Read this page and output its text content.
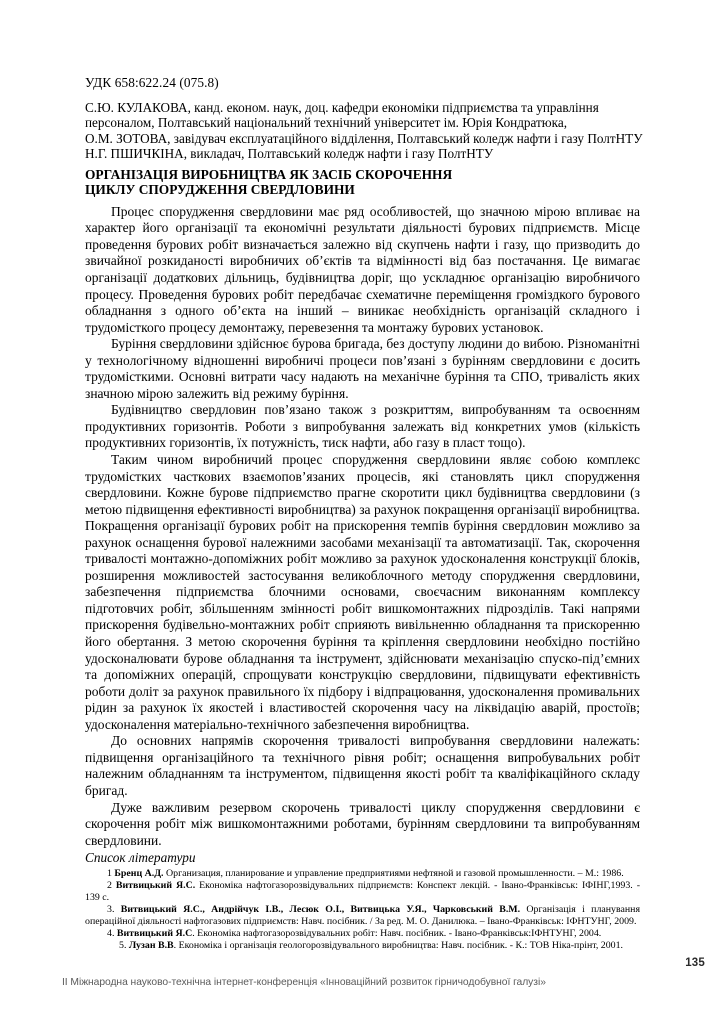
УДК 658:622.24 (075.8)

С.Ю. КУЛАКОВА, канд. економ. наук, доц. кафедри економіки підприємства та управління
персоналом, Полтавський національний технічний університет ім. Юрія Кондратюка,
О.М. ЗОТОВА, завідувач експлуатаційного відділення, Полтавський коледж нафти і газу ПолтНТУ
Н.Г. ПШИЧКІНА, викладач, Полтавський коледж нафти і газу ПолтНТУ
ОРГАНІЗАЦІЯ ВИРОБНИЦТВА ЯК ЗАСІБ СКОРОЧЕННЯ
ЦИКЛУ СПОРУДЖЕННЯ СВЕРДЛОВИНИ

Процес спорудження свердловини має ряд особливостей, що значною мірою впливає на характер його організації та економічні результати діяльності бурових підприємств. Місце проведення бурових робіт визначається залежно від скупчень нафти і газу, що призводить до звичайної розкиданості виробничих об’єктів та відмінності від баз постачання. Це вимагає організації додаткових дільниць, будівництва доріг, що ускладнює організацію виробничого процесу. Проведення бурових робіт передбачає схематичне переміщення громіздкого бурового обладнання з одного об’єкта на інший – виникає необхідність організацій складного і трудомісткого процесу демонтажу, перевезення та монтажу бурових установок.

Буріння свердловини здійснює бурова бригада, без доступу людини до вибою. Різноманітні у технологічному відношенні виробничі процеси пов’язані з бурінням свердловини є досить трудомісткими. Основні витрати часу надають на механічне буріння та СПО, тривалість яких значною мірою залежить від режиму буріння.

Будівництво свердловин пов’язано також з розкриттям, випробуванням та освоєнням продуктивних горизонтів. Роботи з випробування залежать від конкретних умов (кількість продуктивних горизонтів, їх потужність, тиск нафти, або газу в пласт тощо).

Таким чином виробничий процес спорудження свердловини являє собою комплекс трудомістких часткових взаємопов’язаних процесів, які становлять цикл спорудження свердловини. Кожне бурове підприємство прагне скоротити цикл будівництва свердловини (з метою підвищення ефективності виробництва) за рахунок покращення організації виробництва. Покращення організації бурових робіт на прискорення темпів буріння свердловин можливо за рахунок оснащення бурової належними засобами механізації та автоматизації. Так, скорочення тривалості монтажно-допоміжних робіт можливо за рахунок удосконалення конструкції блоків, розширення можливостей застосування великоблочного методу спорудження свердловини, забезпечення підприємства блочними основами, своєчасним виконанням комплексу підготовчих робіт, збільшенням змінності робіт вишкомонтажних підрозділів. Такі напрями прискорення будівельно-монтажних робіт сприяють вивільненню обладнання та прискоренню його обертання. З метою скорочення буріння та кріплення свердловини необхідно постійно удосконалювати бурове обладнання та інструмент, здійснювати механізацію спуско-під’ємних та допоміжних операцій, спрощувати конструкцію свердловини, підвищувати ефективність роботи доліт за рахунок правильного їх підбору і відпрацювання, удосконалення промивальних рідин за рахунок їх якостей і властивостей скорочення часу на ліквідацію аварій, простоїв; удосконалення матеріально-технічного забезпечення виробництва.

До основних напрямів скорочення тривалості випробування свердловини належать: підвищення організаційного та технічного рівня робіт; оснащення випробувальних робіт належним обладнанням та інструментом, підвищення якості робіт та кваліфікаційного складу бригад.

Дуже важливим резервом скорочень тривалості циклу спорудження свердловини є скорочення робіт між вишкомонтажними роботами, бурінням свердловини та випробуванням свердловини.

Список літератури

1 Бренц А.Д. Организация, планирование и управление предприятиями нефтяной и газовой промышленности. – М.: 1986.

2 Витвицький Я.С. Економіка нафтогазорозвідувальних підприємств: Конспект лекцій. - Івано-Франківськ: ІФІНГ,1993. - 139 с.

3. Витвицький Я.С., Андрійчук І.В., Лесюк О.І., Витвицька У.Я., Чарковський В.М. Організація і планування операційної діяльності нафтогазових підприємств: Навч. посібник. / За ред. М. О. Данилюка. – Івано-Франківськ: ІФНТУНГ, 2009.

4. Витвицький Я.С. Економіка нафтогазорозвідувальних робіт: Навч. посібник. - Івано-Франківськ:ІФНТУНГ, 2004.

5. Лузан В.В. Економіка і організація геологорозвідувального виробництва: Навч. посібник. - К.: ТОВ Ніка-прінт, 2001.

135
II Міжнародна науково-технічна інтернет-конференція «Інноваційний розвиток гірничодобувної галузі»
